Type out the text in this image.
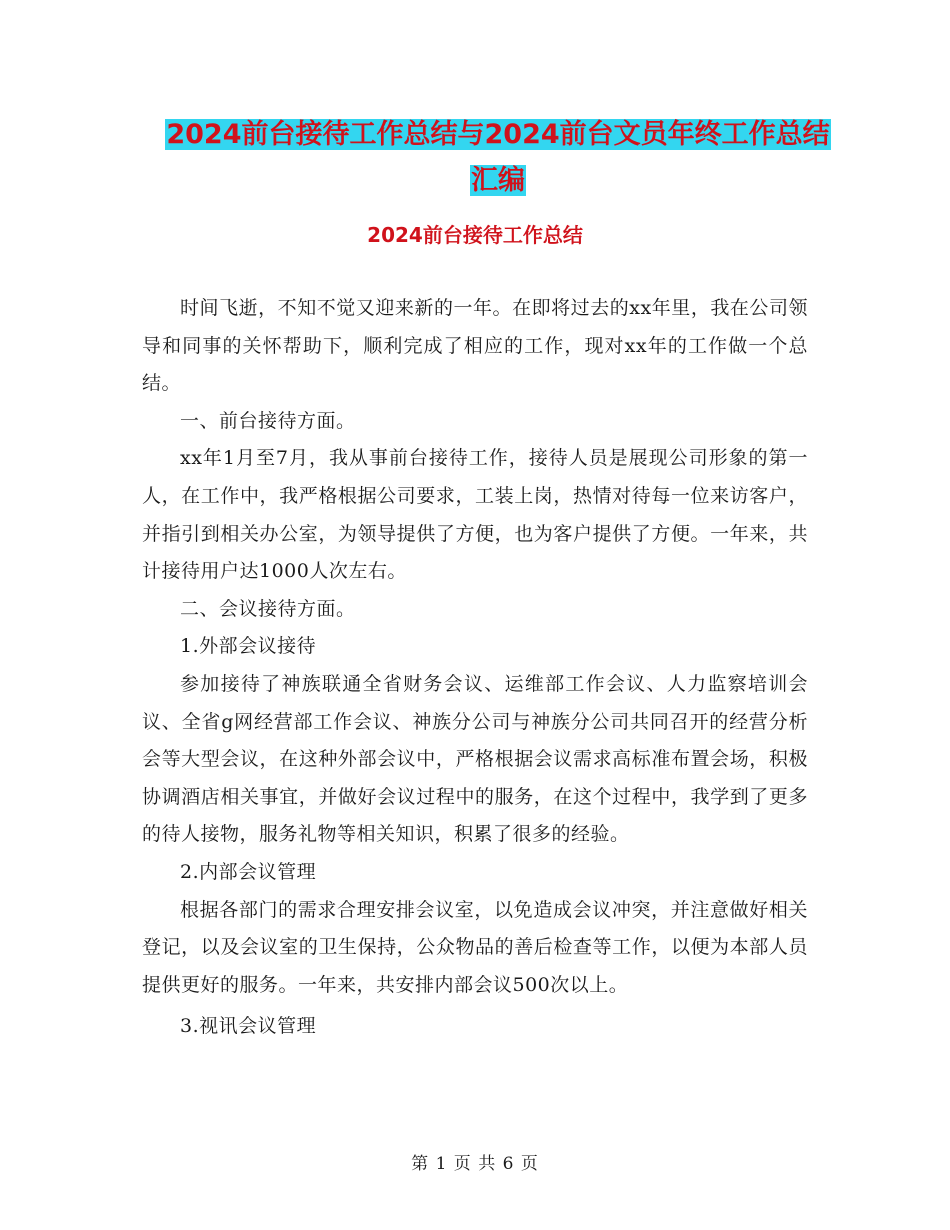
2024前台接待工作总结与2024前台文员年终工作总结
汇编
2024前台接待工作总结

时间飞逝，不知不觉又迎来新的一年。在即将过去的xx年里，我在公司领导和同事的关怀帮助下，顺利完成了相应的工作，现对xx年的工作做一个总结。

一、前台接待方面。

xx年1月至7月，我从事前台接待工作，接待人员是展现公司形象的第一人，在工作中，我严格根据公司要求，工装上岗，热情对待每一位来访客户，并指引到相关办公室，为领导提供了方便，也为客户提供了方便。一年来，共计接待用户达1000人次左右。

二、会议接待方面。

1.外部会议接待

参加接待了神族联通全省财务会议、运维部工作会议、人力监察培训会议、全省g网经营部工作会议、神族分公司与神族分公司共同召开的经营分析会等大型会议，在这种外部会议中，严格根据会议需求高标准布置会场，积极协调酒店相关事宜，并做好会议过程中的服务，在这个过程中，我学到了更多的待人接物，服务礼物等相关知识，积累了很多的经验。

2.内部会议管理

根据各部门的需求合理安排会议室，以免造成会议冲突，并注意做好相关登记，以及会议室的卫生保持，公众物品的善后检查等工作，以便为本部人员提供更好的服务。一年来，共安排内部会议500次以上。

3.视讯会议管理

第 1 页 共 6 页
